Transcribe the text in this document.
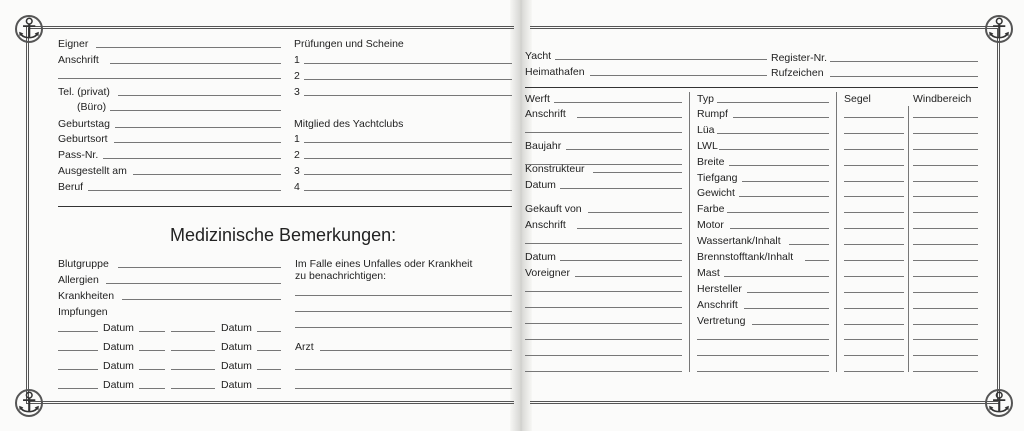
⚓
⚓
⚓
⚓
Eigner
Anschrift
Tel. (privat)
(Büro)
Geburtstag
Geburtsort
Pass-Nr.
Ausgestellt am
Beruf
Prüfungen und Scheine
1
2
3
Mitglied des Yachtclubs
1
2
3
4
Medizinische Bemerkungen:
Blutgruppe
Allergien
Krankheiten
Impfungen
Datum	Datum
Datum	Datum
Datum	Datum
Datum	Datum
Im Falle eines Unfalles oder Krankheit
zu benachrichtigen:
Arzt
Yacht	Register-Nr.
Heimathafen	Rufzeichen
Werft
Anschrift
Baujahr
Konstrukteur
Datum
Gekauft von
Anschrift
Datum
Voreigner
Typ
Rumpf
Lüa
LWL
Breite
Tiefgang
Gewicht
Farbe
Motor
Wassertank/Inhalt
Brennstofftank/Inhalt
Mast
Hersteller
Anschrift
Vertretung
Segel	Windbereich
